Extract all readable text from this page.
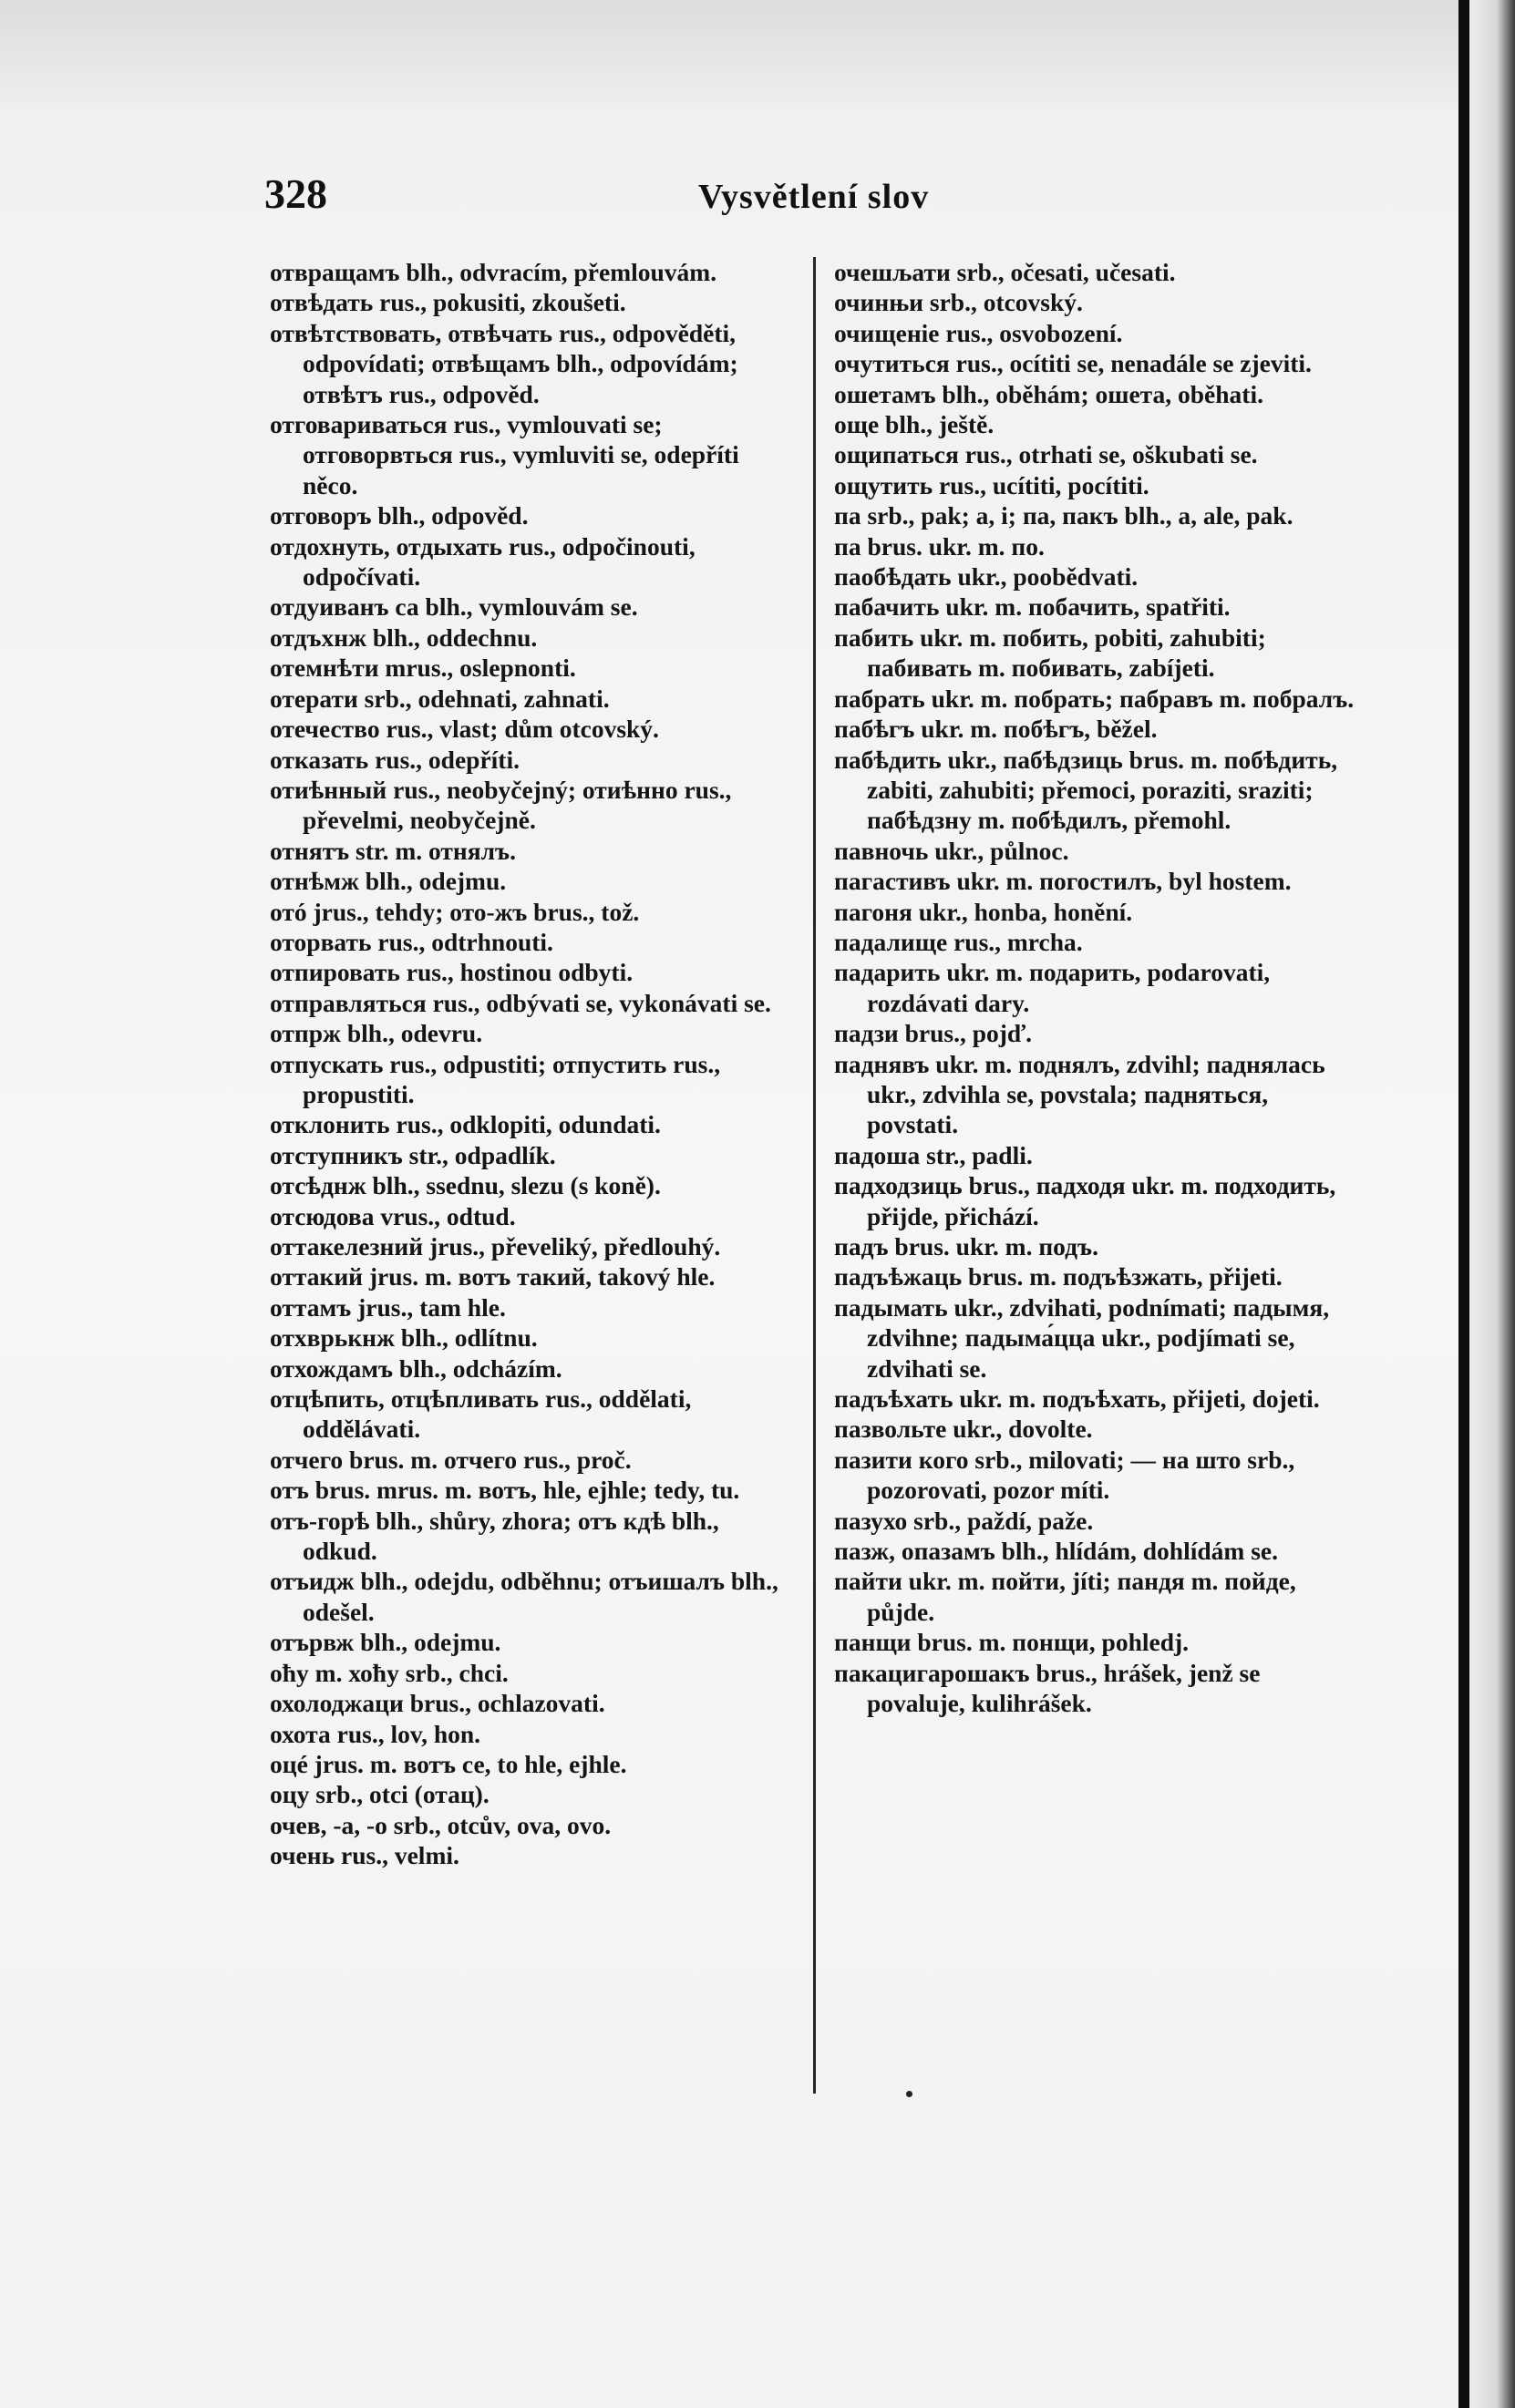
328	Vysvětlení slov

отвращамъ blh., odvracím, přemlouvám.

отвѣдать rus., pokusiti, zkoušeti.

отвѣтствовать, отвѣчать rus., odpověděti, odpovídati; отвѣщамъ blh., odpovídám; отвѣтъ rus., odpověd.

отговариваться rus., vymlouvati se; отговорвться rus., vymluviti se, odepříti něco.

отговоръ blh., odpověd.

отдохнуть, отдыхать rus., odpočinouti, odpočívati.

отдуиванъ са blh., vymlouvám se.

отдъхнж blh., oddechnu.

отемнѣти mrus., oslepnonti.

отерати srb., odehnati, zahnati.

отечество rus., vlast; dům otcovský.

отказать rus., odepříti.

отиѣнный rus., neobyčejný; отиѣнно rus., převelmi, neobyčejně.

отнятъ str. m. отнялъ.

отнѣмж blh., odejmu.

отó jrus., tehdy; ото-жъ brus., tož.

оторвать rus., odtrhnouti.

отпировать rus., hostinou odbyti.

отправляться rus., odbývati se, vykonávati se.

отпрж blh., odevru.

отпускать rus., odpustiti; отпустить rus., propustiti.

отклонить rus., odklopiti, odundati.

отступникъ str., odpadlík.

отсѣднж blh., ssednu, slezu (s koně).

отсюдова vrus., odtud.

оттакелезний jrus., převeliký, předlouhý.

оттакий jrus. m. вотъ такий, takový hle.

оттамъ jrus., tam hle.

отхврькнж blh., odlítnu.

отхождамъ blh., odcházím.

отцѣпить, отцѣпливать rus., oddělati, oddělávati.

отчего brus. m. отчего rus., proč.

отъ brus. mrus. m. вотъ, hle, ejhle; tedy, tu.

отъ-горѣ blh., shůry, zhora; отъ кдѣ blh., odkud.

отъидж blh., odejdu, odběhnu; отъишалъ blh., odešel.

отървж blh., odejmu.

оћу m. хоћу srb., chci.

охолоджаци brus., ochlazovati.

охота rus., lov, hon.

оцé jrus. m. вотъ се, to hle, ejhle.

оцу srb., otci (отац).

очев, -а, -о srb., otcův, ova, ovo.

очень rus., velmi.

очешљати srb., očesati, učesati.

очинњи srb., otcovský.

очищеніе rus., osvobození.

очутиться rus., ocítiti se, nenadále se zjeviti.

ошетамъ blh., oběhám; ошета, oběhati.

още blh., ještě.

ощипаться rus., otrhati se, oškubati se.

ощутить rus., ucítiti, pocítiti.

па srb., pak; a, i; па, пакъ blh., a, ale, pak.

па brus. ukr. m. по.

паобѣдать ukr., poobědvati.

пабачить ukr. m. побачить, spatřiti.

пабить ukr. m. побить, pobiti, zahubiti; пабивать m. побивать, zabíjeti.

пабрать ukr. m. побрать; пабравъ m. побралъ.

пабѣгъ ukr. m. побѣгъ, běžel.

пабѣдить ukr., пабѣдзиць brus. m. побѣдить, zabiti, zahubiti; přemoci, poraziti, sraziti; пабѣдзну m. побѣдилъ, přemohl.

павночь ukr., půlnoc.

пагастивъ ukr. m. погостилъ, byl hostem.

пагоня ukr., honba, honění.

падалище rus., mrcha.

падарить ukr. m. подарить, podarovati, rozdávati dary.

падзи brus., pojď.

паднявъ ukr. m. поднялъ, zdvihl; паднялась ukr., zdvihla se, povstala; падняться, povstati.

падоша str., padli.

падходзиць brus., падходя ukr. m. подходить, přijde, přichází.

падъ brus. ukr. m. подъ.

падъѣжаць brus. m. подъѣзжать, přijeti.

падымать ukr., zdvihati, podnímati; падымя, zdvihne; падыма́цца ukr., podjímati se, zdvihati se.

падъѣхать ukr. m. подъѣхать, přijeti, dojeti.

пазвольте ukr., dovolte.

пазити кого srb., milovati; — на што srb., pozorovati, pozor míti.

пазухо srb., paždí, paže.

пазж, опазамъ blh., hlídám, dohlídám se.

пайти ukr. m. пойти, jíti; пандя m. пойде, půjde.

панщи brus. m. понщи, pohledj.

пакацигарошакъ brus., hrášek, jenž se povaluje, kulihrášek.
